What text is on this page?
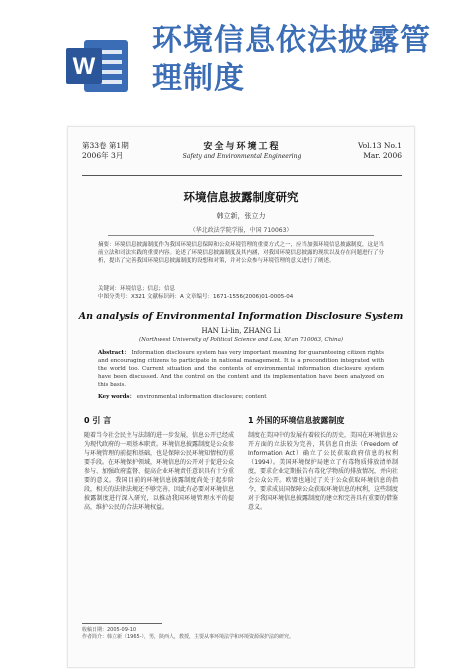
W
环境信息依法披露管理制度
第33卷 第1期
2006年 3月
安全与环境工程
Safety and Environmental Engineering
Vol.13 No.1
Mar. 2006
环境信息披露制度研究
韩立新，张立力
（华北政法学院学报，中国 710063）
摘要：环境信息披露制度作为我国环境信息保障和公众环境管理的重要方式之一，应当加强环境信息披露制度，这是当前立法和司法实践的重要内容。论述了环境信息披露制度及其内涵，对我国环境信息披露的现状以及存在问题进行了分析，提出了完善我国环境信息披露制度的设想和对策，并对公众参与环境管理的意义进行了阐述。
关键词：环境信息；信息；信息
中图分类号：X321 文献标识码：A 文章编号：1671-1556(2006)01-0005-04
An analysis of Environmental Information Disclosure System
HAN Li-lin, ZHANG Li
(Northwest University of Political Science and Law, Xi'an 710063, China)
Abstract： Information disclosure system has very important meaning for guaranteeing citizen rights and encouraging citizens to participate in national management. It is a precondition integrated with the world too. Current situation and the contents of environmental information disclosure system have been discussed. And the control on the content and its implementation have been analyzed on this basis.
Key words： environmental information disclosure; content
0 引 言	1 外国的环境信息披露制度
随着当今社会民主与法制的进一步发展，信息公开已经成为现代政府的一项基本职责。环境信息披露制度是公众参与环境管理的前提和基础，也是保障公民环境知情权的重要手段。在环境保护领域，环境信息的公开对于促进公众参与、加强政府监督、提高企业环境责任意识具有十分重要的意义。我国目前的环境信息披露制度尚处于起步阶段，相关的法律法规还不够完善，因此有必要对环境信息披露制度进行深入研究，以推动我国环境管理水平的提高，维护公民的合法环境权益。
制度在美国中的发展有着较长的历史，美国在环境信息公开方面的立法较为完善，其信息自由法（Freedom of Information Act）确立了公民获取政府信息的权利（1994）。美国环境保护局建立了有毒物质排放清单制度，要求企业定期报告有毒化学物质的排放情况，并向社会公众公开。欧盟也通过了关于公众获取环境信息的指令，要求成员国保障公众获取环境信息的权利，这些制度对于我国环境信息披露制度的建立和完善具有重要的借鉴意义。
收稿日期：2005-09-10
作者简介：韩立新（1965-），男，陕西人，教授，主要从事环境法学和环境资源保护法的研究。
